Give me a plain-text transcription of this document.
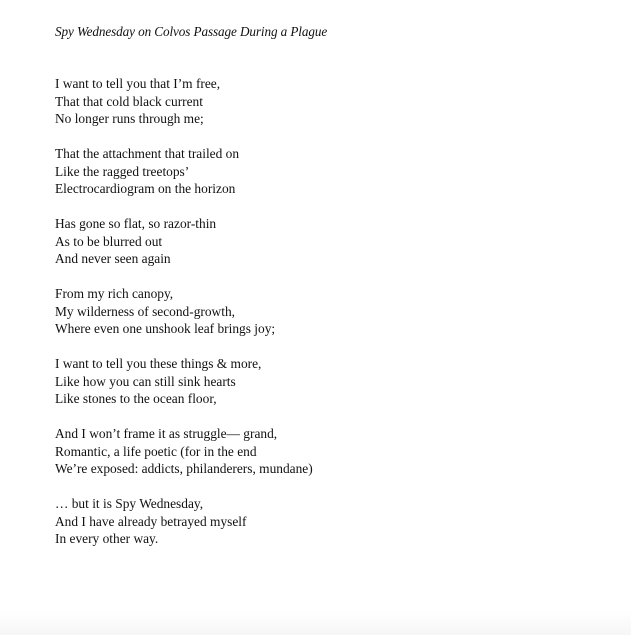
Spy Wednesday on Colvos Passage During a Plague
I want to tell you that I’m free,
That that cold black current
No longer runs through me;
That the attachment that trailed on
Like the ragged treetops’
Electrocardiogram on the horizon
Has gone so flat, so razor-thin
As to be blurred out
And never seen again
From my rich canopy,
My wilderness of second-growth,
Where even one unshook leaf brings joy;
I want to tell you these things & more,
Like how you can still sink hearts
Like stones to the ocean floor,
And I won’t frame it as struggle— grand,
Romantic, a life poetic (for in the end
We’re exposed: addicts, philanderers, mundane)
… but it is Spy Wednesday,
And I have already betrayed myself
In every other way.
